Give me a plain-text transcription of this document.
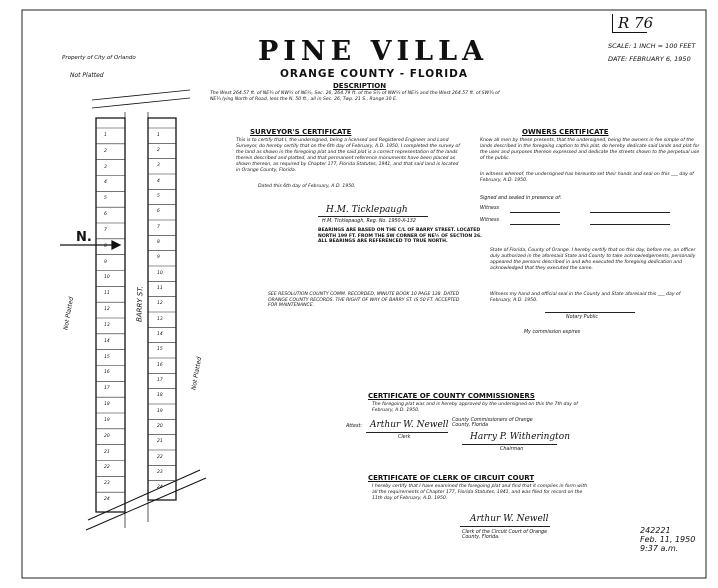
PINE VILLA
ORANGE COUNTY - FLORIDA
DESCRIPTION
The West 264.57 ft. of NE¼ of NW¼ of NE¼, Sec. 26, 264.79 ft. of the S½ of NW¼ of NE¼ and the West 264.57 ft. of SW¼ of NE¼ lying North of Road, less the N. 50 ft., all in Sec. 26, Twp. 21 S., Range 30 E.
R 76
SCALE: 1 INCH = 100 FEET
DATE: FEBRUARY 6, 1950
Property of City of Orlando
Not Platted
Not Platted
Not Platted
BARRY ST.
N.
1
2
3
4
5
6
7
8
9
10
11
12
13
14
15
16
17
18
19
20
21
22
23
24
1
2
3
4
5
6
7
8
9
10
11
12
13
14
15
16
17
18
19
20
21
22
23
24
SURVEYOR'S CERTIFICATE
This is to certify that I, the undersigned, being a licensed and Registered Engineer and Land Surveyor, do hereby certify that on the 6th day of February, A.D. 1950, I completed the survey of the land as shown in the foregoing plat and the said plat is a correct representation of the lands therein described and platted, and that permanent reference monuments have been placed as shown thereon, as required by Chapter 177, Florida Statutes, 1941, and that said land is located in Orange County, Florida.
Dated this 6th day of February, A.D. 1950.
H.M. Ticklepaugh
H.M. Ticklepaugh, Reg. No. 1950-X-132
BEARINGS ARE BASED ON THE C/L OF BARRY STREET. LOCATED NORTH 199 FT. FROM THE SW CORNER OF NE¼ OF SECTION 26. ALL BEARINGS ARE REFERENCED TO TRUE NORTH.
SEE RESOLUTION COUNTY COMM. RECORDED, MINUTE BOOK 10 PAGE 138. DATED ORANGE COUNTY RECORDS. THE RIGHT OF WAY OF BARRY ST. IS 50 FT. ACCEPTED FOR MAINTENANCE.
OWNERS CERTIFICATE
Know all men by these presents, that the undersigned, being the owners in fee simple of the lands described in the foregoing caption to this plat, do hereby dedicate said lands and plat for the uses and purposes thereon expressed and dedicate the streets shown to the perpetual use of the public.
In witness whereof, the undersigned has hereunto set their hands and seal on this ___ day of February, A.D. 1950.
Signed and sealed in presence of:
Witness
Witness
State of Florida, County of Orange. I hereby certify that on this day, before me, an officer duly authorized in the aforesaid State and County to take acknowledgements, personally appeared the persons described in and who executed the foregoing dedication and acknowledged that they executed the same.
Witness my hand and official seal in the County and State aforesaid this ___ day of February, A.D. 1950.
Notary Public
My commission expires
CERTIFICATE OF COUNTY COMMISSIONERS
The foregoing plat was and is hereby approved by the undersigned on this the 7th day of February, A.D. 1950.
Attest: Arthur W. Newell
Clerk
County Commissioners of Orange County, Florida
Harry P. Witherington
Chairman
CERTIFICATE OF CLERK OF CIRCUIT COURT
I hereby certify that I have examined the foregoing plat and find that it complies in form with all the requirements of Chapter 177, Florida Statutes, 1941, and was filed for record on the 11th day of February, A.D. 1950.
Arthur W. Newell
Clerk of the Circuit Court of Orange County, Florida.
242221
Feb. 11, 1950
9:37 a.m.
